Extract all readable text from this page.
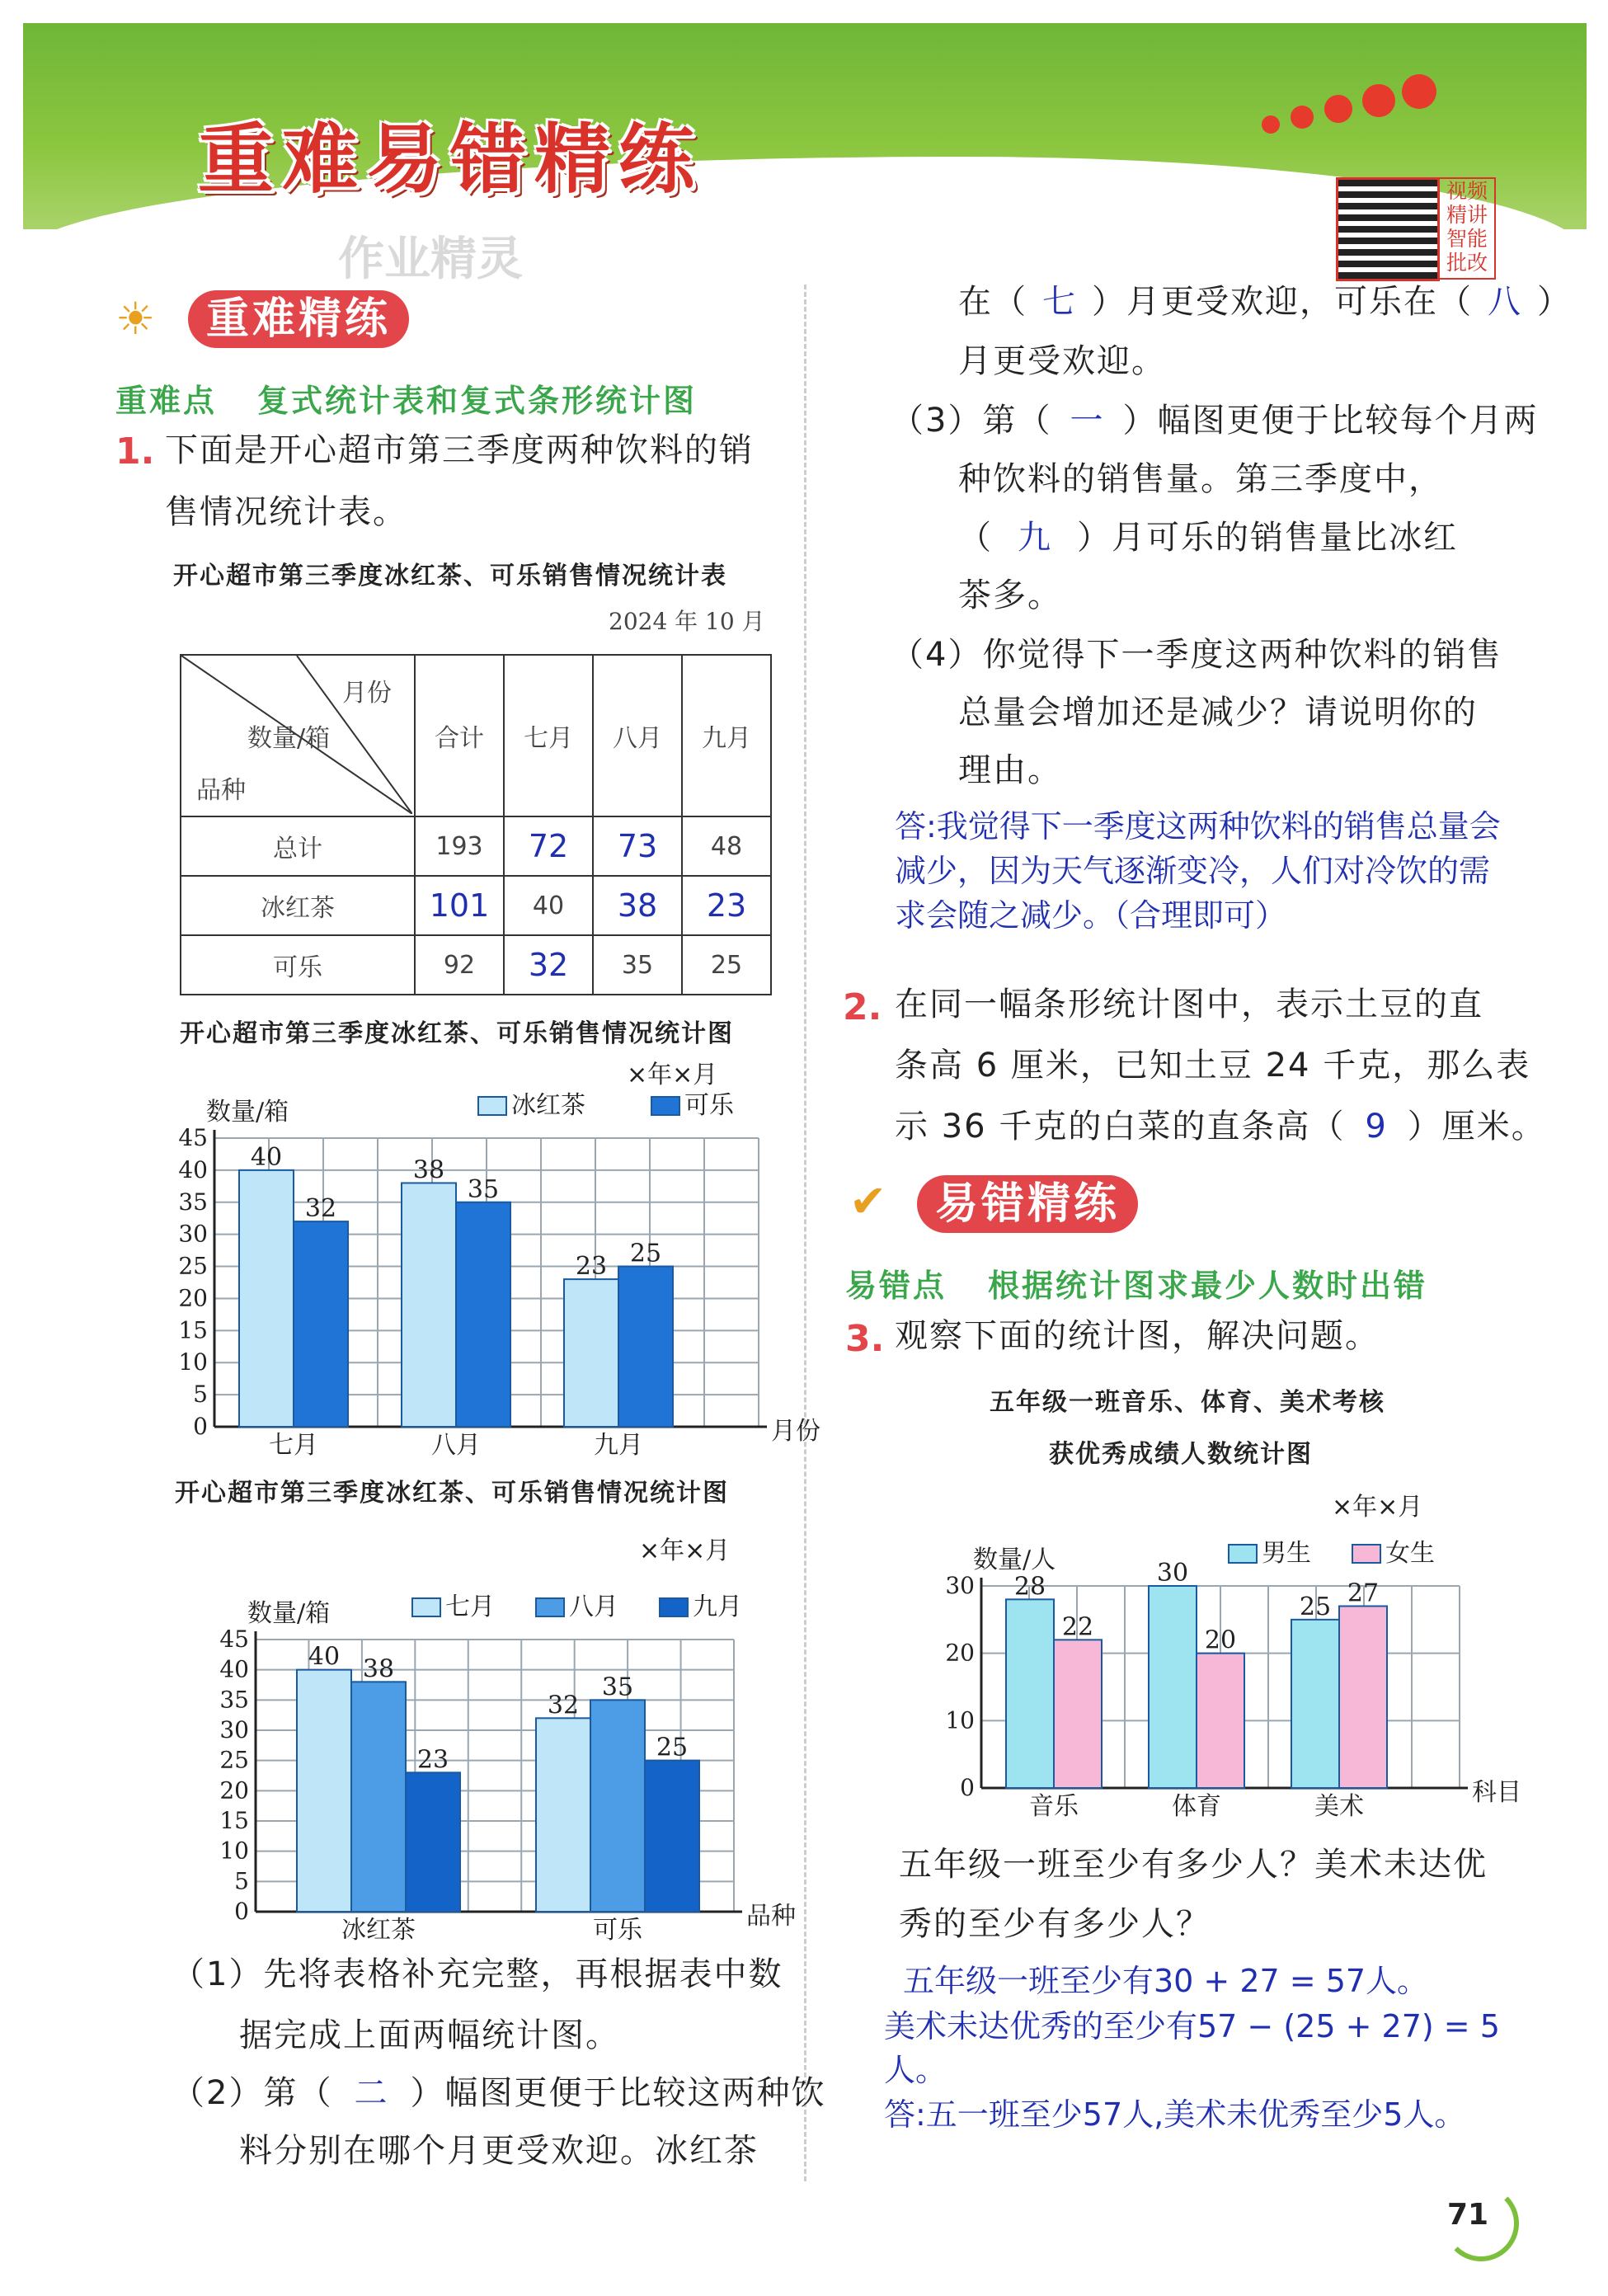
重难易错精练	视频精讲智能批改
作业精灵
☀	重难精练
重难点 复式统计表和复式条形统计图
1. 下面是开心超市第三季度两种饮料的销
售情况统计表。
开心超市第三季度冰红茶、可乐销售情况统计表
2024 年 10 月
月份
数量/箱
品种	合计	七月	八月	九月
总计	193	72	73	48
冰红茶	101	40	38	23
可乐	92	32	35	25
开心超市第三季度冰红茶、可乐销售情况统计图
×年×月
0
5
10
15
20
25
30
35
40
45
数量/箱
月份
冰红茶	可乐
40
32
七月
38
35
八月
23 25
九月
开心超市第三季度冰红茶、可乐销售情况统计图
×年×月
0
5
10
15
20
25
30
35
40
45
数量/箱
品种
七月	八月	九月
40 38
23
冰红茶
32
35
25
可乐
（1）先将表格补充完整，再根据表中数
据完成上面两幅统计图。
（2）第（ 二 ）幅图更便于比较这两种饮
料分别在哪个月更受欢迎。冰红茶
在（ 七 ）月更受欢迎，可乐在（ 八 ）
月更受欢迎。
（3）第（ 一 ）幅图更便于比较每个月两
种饮料的销售量。第三季度中，
（ 九 ）月可乐的销售量比冰红
茶多。
（4）你觉得下一季度这两种饮料的销售
总量会增加还是减少？请说明你的
理由。
答:我觉得下一季度这两种饮料的销售总量会
减少，因为天气逐渐变冷，人们对冷饮的需
求会随之减少。（合理即可）
2. 在同一幅条形统计图中，表示土豆的直
条高 6 厘米，已知土豆 24 千克，那么表
示 36 千克的白菜的直条高（ 9 ）厘米。
✔	易错精练
易错点 根据统计图求最少人数时出错
3. 观察下面的统计图，解决问题。
五年级一班音乐、体育、美术考核
获优秀成绩人数统计图
×年×月
0
10
20
30
数量/人
科目
男生	女生
28
22
音乐
30
20
体育
25 27
美术
五年级一班至少有多少人？美术未达优
秀的至少有多少人？
五年级一班至少有30 + 27 = 57人。
美术未达优秀的至少有57 − (25 + 27) = 5
人。
答:五一班至少57人,美术未优秀至少5人。
71
